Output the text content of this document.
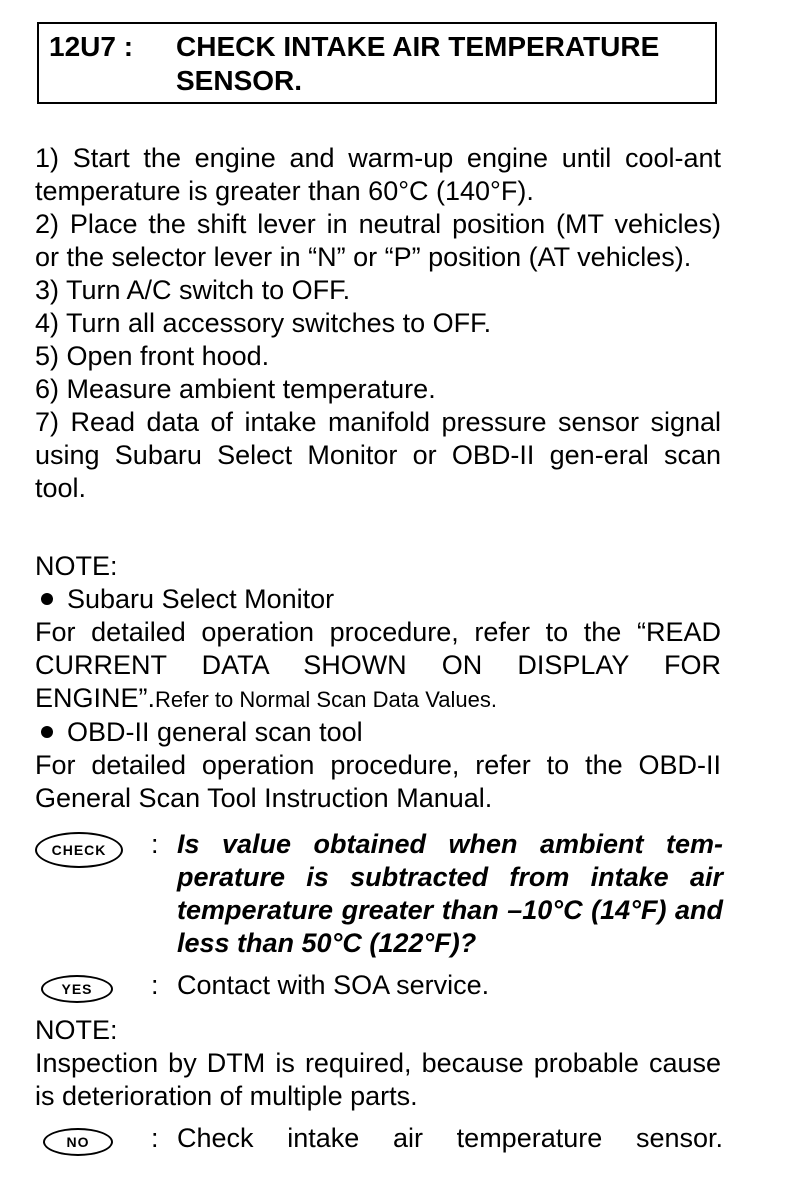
12U7 : CHECK INTAKE AIR TEMPERATURE SENSOR.

1) Start the engine and warm-up engine until cool-ant temperature is greater than 60°C (140°F).

2) Place the shift lever in neutral position (MT vehicles) or the selector lever in “N” or “P” position (AT vehicles).

3) Turn A/C switch to OFF.

4) Turn all accessory switches to OFF.

5) Open front hood.

6) Measure ambient temperature.

7) Read data of intake manifold pressure sensor signal using Subaru Select Monitor or OBD-II gen-eral scan tool.

NOTE:

Subaru Select Monitor

For detailed operation procedure, refer to the “READ CURRENT DATA SHOWN ON DISPLAY FOR ENGINE”.Refer to Normal Scan Data Values.

OBD-II general scan tool

For detailed operation procedure, refer to the OBD-II General Scan Tool Instruction Manual.

CHECK	: Is value obtained when ambient tem-perature is subtracted from intake air temperature greater than –10°C (14°F) and less than 50°C (122°F)?
YES	: Contact with SOA service.

NOTE:

Inspection by DTM is required, because probable cause is deterioration of multiple parts.

NO	: Check intake air temperature sensor.
